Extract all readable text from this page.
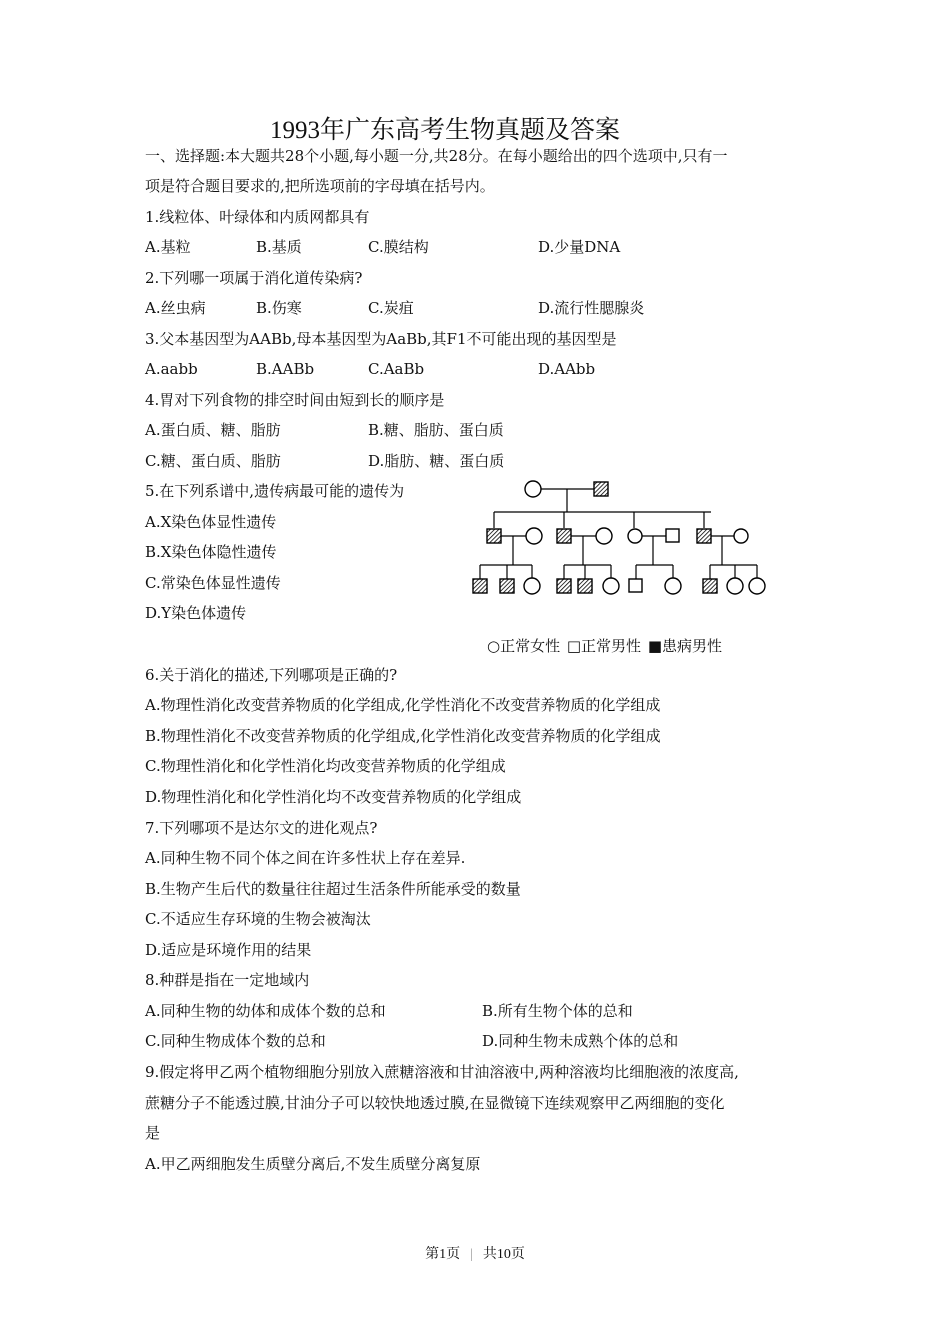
1993年广东高考生物真题及答案
一、选择题:本大题共28个小题,每小题一分,共28分。在每小题给出的四个选项中,只有一
项是符合题目要求的,把所选项前的字母填在括号内。
1.线粒体、叶绿体和内质网都具有
A.基粒	B.基质	C.膜结构	D.少量DNA
2.下列哪一项属于消化道传染病?
A.丝虫病	B.伤寒	C.炭疽	D.流行性腮腺炎
3.父本基因型为AABb,母本基因型为AaBb,其F1不可能出现的基因型是
A.aabb	B.AABb	C.AaBb	D.AAbb
4.胃对下列食物的排空时间由短到长的顺序是
A.蛋白质、糖、脂肪	B.糖、脂肪、蛋白质
C.糖、蛋白质、脂肪	D.脂肪、糖、蛋白质
5.在下列系谱中,遗传病最可能的遗传为
A.X染色体显性遗传
B.X染色体隐性遗传
C.常染色体显性遗传
D.Y染色体遗传
○正常女性 □正常男性 ■患病男性
6.关于消化的描述,下列哪项是正确的?
A.物理性消化改变营养物质的化学组成,化学性消化不改变营养物质的化学组成
B.物理性消化不改变营养物质的化学组成,化学性消化改变营养物质的化学组成
C.物理性消化和化学性消化均改变营养物质的化学组成
D.物理性消化和化学性消化均不改变营养物质的化学组成
7.下列哪项不是达尔文的进化观点?
A.同种生物不同个体之间在许多性状上存在差异.
B.生物产生后代的数量往往超过生活条件所能承受的数量
C.不适应生存环境的生物会被淘汰
D.适应是环境作用的结果
8.种群是指在一定地域内
A.同种生物的幼体和成体个数的总和	B.所有生物个体的总和
C.同种生物成体个数的总和	D.同种生物未成熟个体的总和
9.假定将甲乙两个植物细胞分别放入蔗糖溶液和甘油溶液中,两种溶液均比细胞液的浓度高,
蔗糖分子不能透过膜,甘油分子可以较快地透过膜,在显微镜下连续观察甲乙两细胞的变化
是
A.甲乙两细胞发生质壁分离后,不发生质壁分离复原
第1页 | 共10页
